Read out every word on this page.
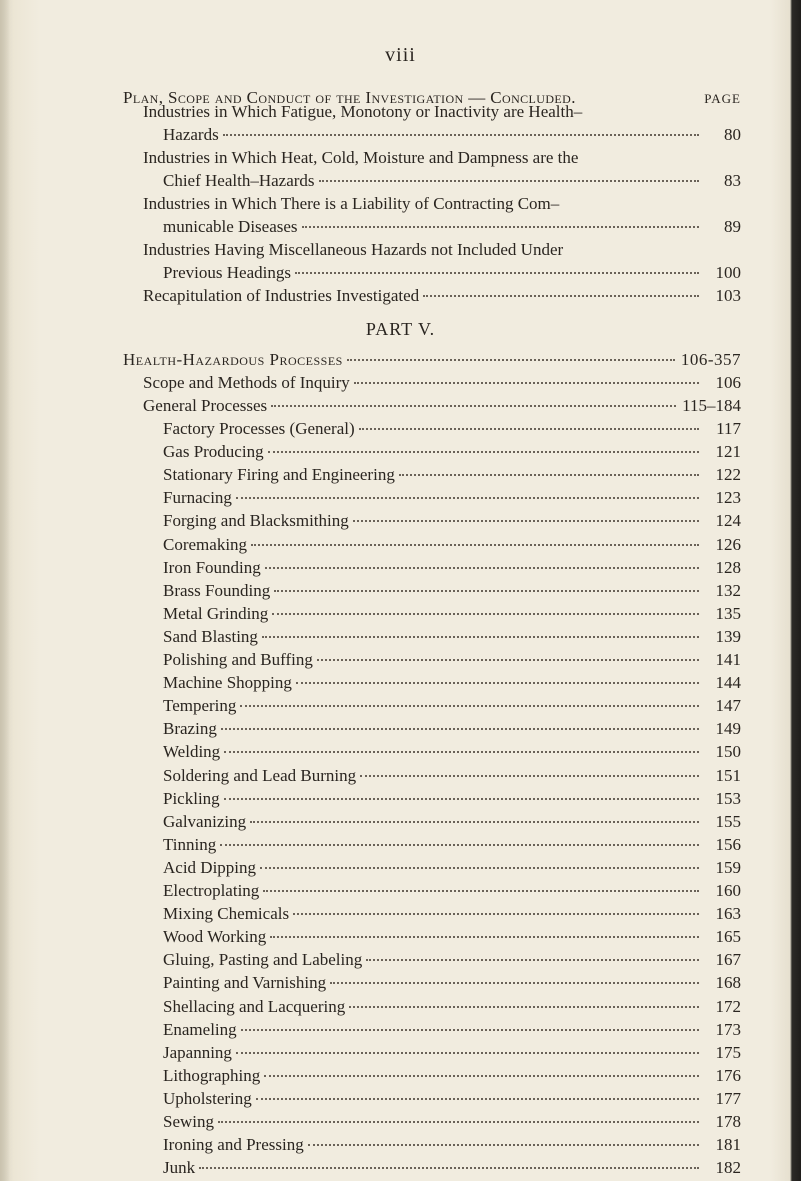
viii
Plan, Scope and Conduct of the Investigation — Concluded.	PAGE
Industries in Which Fatigue, Monotony or Inactivity are Health–
Hazards	80
Industries in Which Heat, Cold, Moisture and Dampness are the
Chief Health–Hazards	83
Industries in Which There is a Liability of Contracting Com–
municable Diseases	89
Industries Having Miscellaneous Hazards not Included Under
Previous Headings	100
Recapitulation of Industries Investigated	103
PART V.
Health-Hazardous Processes	106-357
Scope and Methods of Inquiry	106
General Processes	115–184
Factory Processes (General)	117
Gas Producing	121
Stationary Firing and Engineering	122
Furnacing	123
Forging and Blacksmithing	124
Coremaking	126
Iron Founding	128
Brass Founding	132
Metal Grinding	135
Sand Blasting	139
Polishing and Buffing	141
Machine Shopping	144
Tempering	147
Brazing	149
Welding	150
Soldering and Lead Burning	151
Pickling	153
Galvanizing	155
Tinning	156
Acid Dipping	159
Electroplating	160
Mixing Chemicals	163
Wood Working	165
Gluing, Pasting and Labeling	167
Painting and Varnishing	168
Shellacing and Lacquering	172
Enameling	173
Japanning	175
Lithographing	176
Upholstering	177
Sewing	178
Ironing and Pressing	181
Junk	182
